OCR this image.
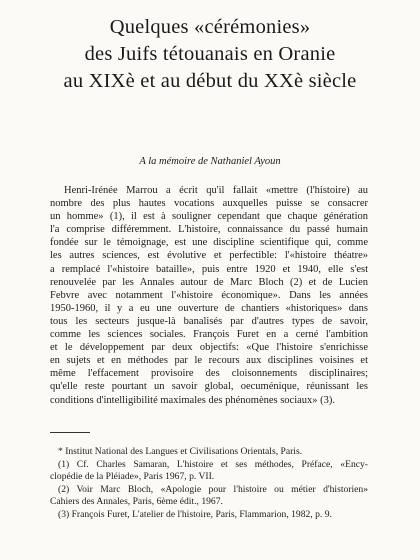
Quelques «cérémonies»
des Juifs tétouanais en Oranie
au XIXè et au début du XXè siècle
A la mémoire de Nathaniel Ayoun
Henri-Irénée Marrou a écrit qu'il fallait «mettre (l'histoire) au
nombre des plus hautes vocations auxquelles puisse se consacrer
un homme» (1), il est à souligner cependant que chaque génération
l'a comprise différemment. L'histoire, connaissance du passé humain
fondée sur le témoignage, est une discipline scientifique qui, comme
les autres sciences, est évolutive et perfectible: l'«histoire théatre»
a remplacé l'«histoire bataille», puis entre 1920 et 1940, elle s'est
renouvelée par les Annales autour de Marc Bloch (2) et de Lucien
Febvre avec notamment l'«histoire économique». Dans les années
1950-1960, il y a eu une ouverture de chantiers «historiques» dans
tous les secteurs jusque-là banalisés par d'autres types de savoir,
comme les sciences sociales. François Furet en a cerné l'ambition
et le développement par deux objectifs: «Que l'histoire s'enrichisse
en sujets et en méthodes par le recours aux disciplines voisines et
même l'effacement provisoire des cloisonnements disciplinaires;
qu'elle reste pourtant un savoir global, oecuménique, réunissant les
conditions d'intelligibilité maximales des phénomènes sociaux» (3).
* Institut National des Langues et Civilisations Orientals, Paris.
(1) Cf. Charles Samaran, L'histoire et ses méthodes, Préface, «Ency-
clopédie de la Pléiade», Paris 1967, p. VII.
(2) Voir Marc Bloch, «Apologie pour l'histoire ou métier d'historien»
Cahiers des Annales, Paris, 6ème édit., 1967.
(3) François Furet, L'atelier de l'histoire, Paris, Flammarion, 1982, p. 9.
